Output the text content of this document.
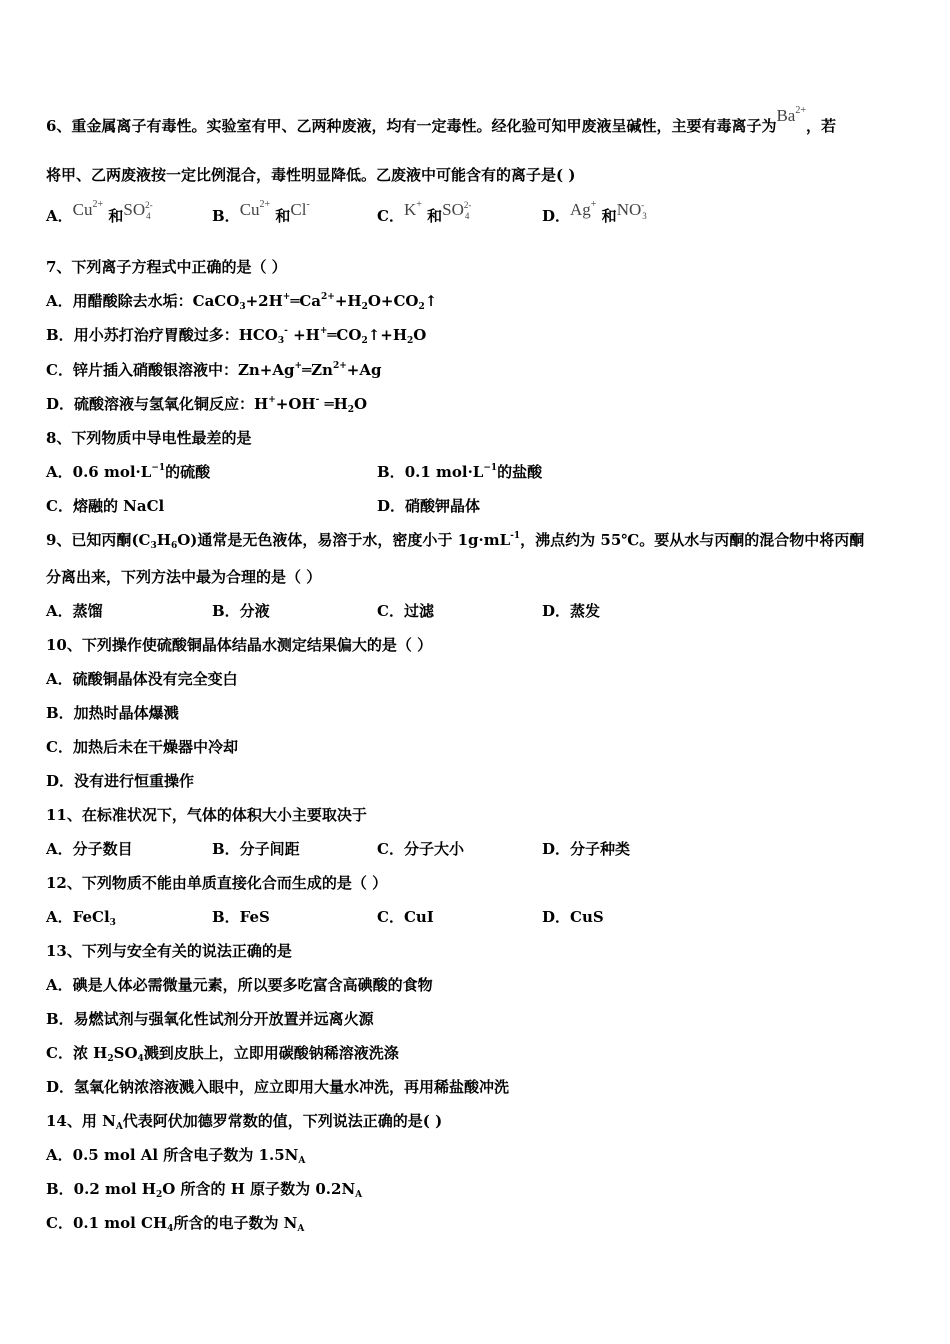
6、重金属离子有毒性。实验室有甲、乙两种废液，均有一定毒性。经化验可知甲废液呈碱性，主要有毒离子为$Ba^{2+}$，若
将甲、乙两废液按一定比例混合，毒性明显降低。乙废液中可能含有的离子是( )
A．$Cu^{2+}$ 和SO 2-
4	B．$Cu^{2+}$ 和Cl-
C．K+ 和SO 2-
4	D．Ag+ 和NO -
3
7、下列离子方程式中正确的是（ ）
A．用醋酸除去水垢：$CaCO_3+2H^+═Ca^{2+}+H_2O+CO_2↑$
B．用小苏打治疗胃酸过多：$HCO_3^-$ $+H^+═CO_2↑+H_2O$
C．锌片插入硝酸银溶液中：$Zn+Ag^+═Zn^{2+}+Ag$
D．硫酸溶液与氢氧化铜反应：H++OH- $═H_2O$
8、下列物质中导电性最差的是
A．0.6 $mol\cdot L^{-1}$的硫酸	B．0.1 $mol\cdot L^{-1}$的盐酸
C．熔融的 NaCl	D．硝酸钾晶体
9、已知丙酮$(C_3H_6O)$通常是无色液体，易溶于水，密度小于 $1g\cdot mL^{-1}$，沸点约为 55℃。要从水与丙酮的混合物中将丙酮
分离出来，下列方法中最为合理的是（ ）
A．蒸馏	B．分液	C．过滤	D．蒸发
10、下列操作使硫酸铜晶体结晶水测定结果偏大的是（ ）
A．硫酸铜晶体没有完全变白
B．加热时晶体爆溅
C．加热后未在干燥器中冷却
D．没有进行恒重操作
11、在标准状况下，气体的体积大小主要取决于
A．分子数目	B．分子间距	C．分子大小	D．分子种类
12、下列物质不能由单质直接化合而生成的是（ ）
A．FeCl$_3$	B．FeS	C．CuI	D．CuS
13、下列与安全有关的说法正确的是
A．碘是人体必需微量元素，所以要多吃富含高碘酸的食物
B．易燃试剂与强氧化性试剂分开放置并远离火源
C．浓 $H_2SO_4$溅到皮肤上，立即用碳酸钠稀溶液洗涤
D．氢氧化钠浓溶液溅入眼中，应立即用大量水冲洗，再用稀盐酸冲洗
14、用 $N_A$代表阿伏加德罗常数的值，下列说法正确的是( )
A．0.5 mol Al 所含电子数为 $1.5N_A$
B．0.2 mol $H_2O$ 所含的 H 原子数为 $0.2N_A$
C．0.1 mol $CH_4$所含的电子数为 $N_A$
